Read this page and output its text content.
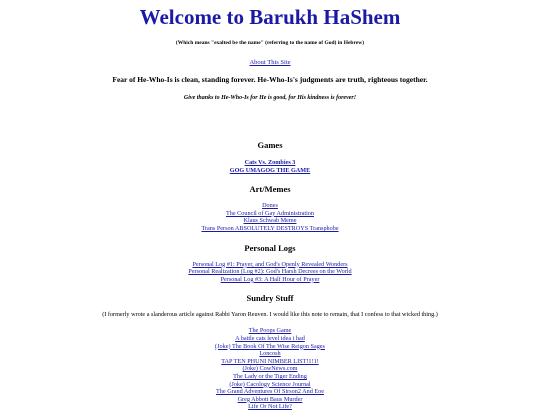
Welcome to Barukh HaShem
(Which means "exalted be the name" (referring to the name of God) in Hebrew)
About This Site
Fear of He-Who-Is is clean, standing forever. He-Who-Is's judgments are truth, righteous together.
Give thanks to He-Who-Is for He is good, for His kindness is forever!
Games
Cats Vs. Zombies 3
GOG UMAGOG THE GAME
Art/Memes
Dones
The Council of Gay Administration
Klaus Schwab Meme
Trans Person ABSOLUTELY DESTROYS Transphobe
Personal Logs
Personal Log #1: Prayer, and God's Openly Revealed Wonders
Personal Realization (Log #2): God's Harsh Decrees on the World
Personal Log #3: A Half Hour of Prayer
Sundry Stuff
(I formerly wrote a slanderous article against Rabbi Yaron Reuven. I would like this note to remain, that I confess to that wicked thing.)
The Poops Game
A battle cats level idea i had
(Joke) The Book Of The Wise Reigon Sages
Loncosh
TAP TEN PHUNI NIMBER LIST!1!1!
(Joke) CowNews.com
The Lady or the Tiger Ending
(Joke) Cacology Science Journal
The Grand Adventures Of Sirson2 And Eoe
Greg Abbott Baus Murder
Life Or Not Life?
